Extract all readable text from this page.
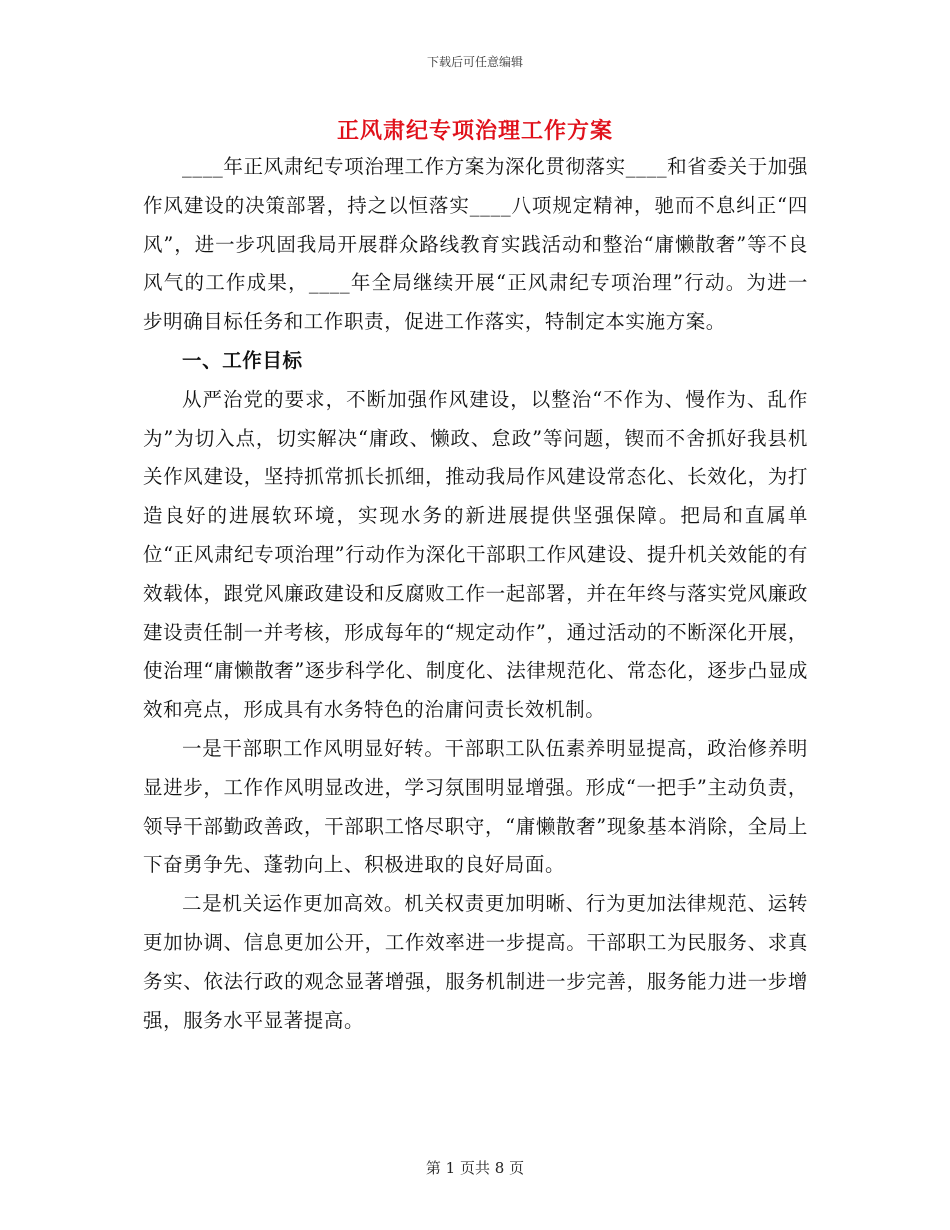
下载后可任意编辑
正风肃纪专项治理工作方案

____年正风肃纪专项治理工作方案为深化贯彻落实____和省委关于加强作风建设的决策部署，持之以恒落实____八项规定精神，驰而不息纠正“四风”，进一步巩固我局开展群众路线教育实践活动和整治“庸懒散奢”等不良风气的工作成果，____年全局继续开展“正风肃纪专项治理”行动。为进一步明确目标任务和工作职责，促进工作落实，特制定本实施方案。

一、工作目标

从严治党的要求，不断加强作风建设，以整治“不作为、慢作为、乱作为”为切入点，切实解决“庸政、懒政、怠政”等问题，锲而不舍抓好我县机关作风建设，坚持抓常抓长抓细，推动我局作风建设常态化、长效化，为打造良好的进展软环境，实现水务的新进展提供坚强保障。把局和直属单位“正风肃纪专项治理”行动作为深化干部职工作风建设、提升机关效能的有效载体，跟党风廉政建设和反腐败工作一起部署，并在年终与落实党风廉政建设责任制一并考核，形成每年的“规定动作”，通过活动的不断深化开展，使治理“庸懒散奢”逐步科学化、制度化、法律规范化、常态化，逐步凸显成效和亮点，形成具有水务特色的治庸问责长效机制。

一是干部职工作风明显好转。干部职工队伍素养明显提高，政治修养明显进步，工作作风明显改进，学习氛围明显增强。形成“一把手”主动负责，领导干部勤政善政，干部职工恪尽职守，“庸懒散奢”现象基本消除，全局上下奋勇争先、蓬勃向上、积极进取的良好局面。

二是机关运作更加高效。机关权责更加明晰、行为更加法律规范、运转更加协调、信息更加公开，工作效率进一步提高。干部职工为民服务、求真务实、依法行政的观念显著增强，服务机制进一步完善，服务能力进一步增强，服务水平显著提高。

第 1 页共 8 页
